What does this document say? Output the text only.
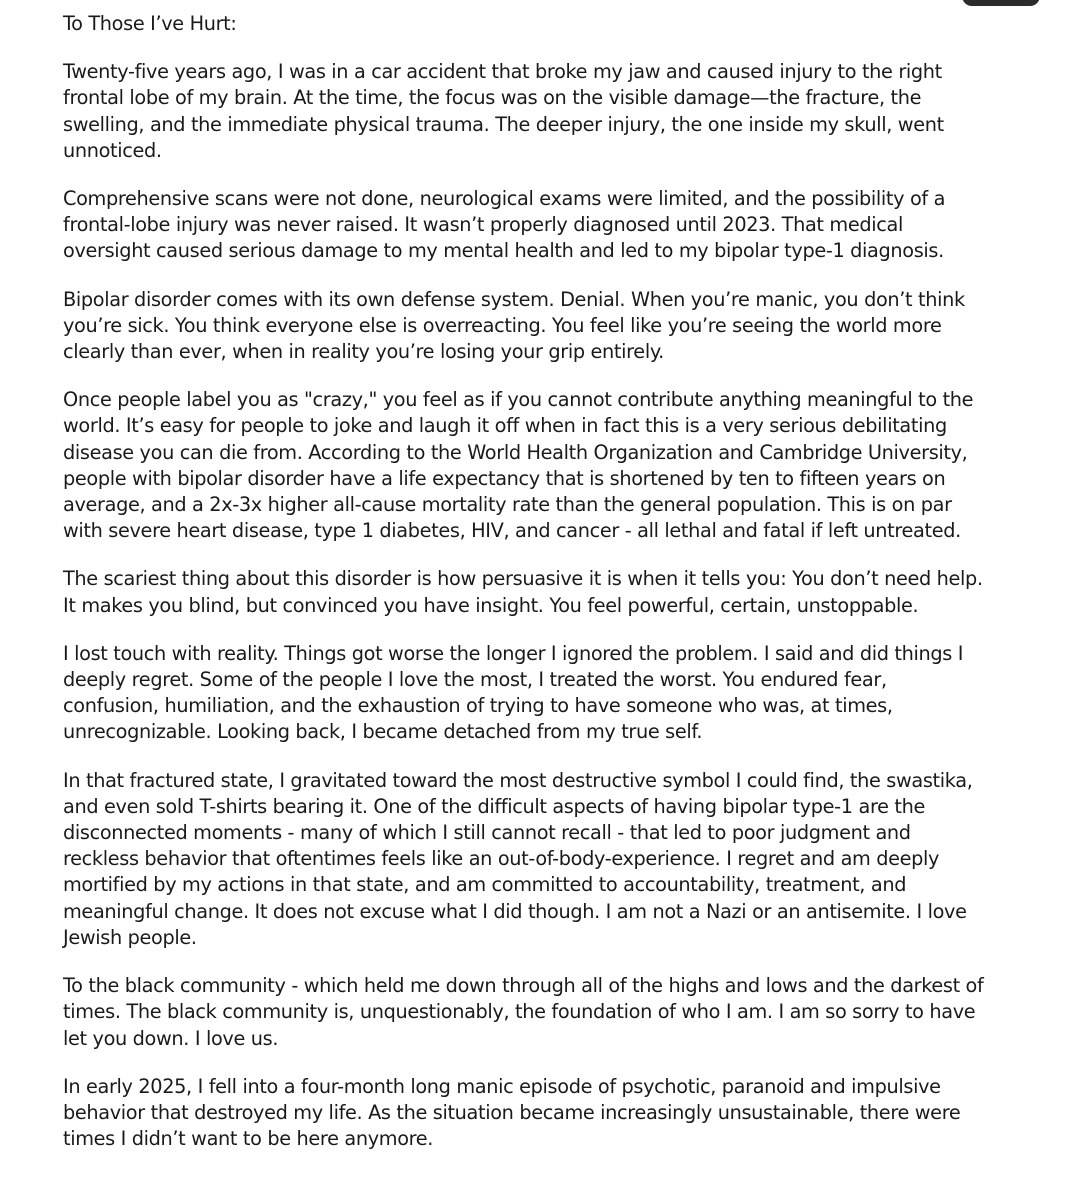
To Those I’ve Hurt:
Twenty-five years ago, I was in a car accident that broke my jaw and caused injury to the right
frontal lobe of my brain. At the time, the focus was on the visible damage—the fracture, the
swelling, and the immediate physical trauma. The deeper injury, the one inside my skull, went
unnoticed.
Comprehensive scans were not done, neurological exams were limited, and the possibility of a
frontal-lobe injury was never raised. It wasn’t properly diagnosed until 2023. That medical
oversight caused serious damage to my mental health and led to my bipolar type-1 diagnosis.
Bipolar disorder comes with its own defense system. Denial. When you’re manic, you don’t think
you’re sick. You think everyone else is overreacting. You feel like you’re seeing the world more
clearly than ever, when in reality you’re losing your grip entirely.
Once people label you as "crazy," you feel as if you cannot contribute anything meaningful to the
world. It’s easy for people to joke and laugh it off when in fact this is a very serious debilitating
disease you can die from. According to the World Health Organization and Cambridge University,
people with bipolar disorder have a life expectancy that is shortened by ten to fifteen years on
average, and a 2x-3x higher all-cause mortality rate than the general population. This is on par
with severe heart disease, type 1 diabetes, HIV, and cancer - all lethal and fatal if left untreated.
The scariest thing about this disorder is how persuasive it is when it tells you: You don’t need help.
It makes you blind, but convinced you have insight. You feel powerful, certain, unstoppable.
I lost touch with reality. Things got worse the longer I ignored the problem. I said and did things I
deeply regret. Some of the people I love the most, I treated the worst. You endured fear,
confusion, humiliation, and the exhaustion of trying to have someone who was, at times,
unrecognizable. Looking back, I became detached from my true self.
In that fractured state, I gravitated toward the most destructive symbol I could find, the swastika,
and even sold T-shirts bearing it. One of the difficult aspects of having bipolar type-1 are the
disconnected moments - many of which I still cannot recall - that led to poor judgment and
reckless behavior that oftentimes feels like an out-of-body-experience. I regret and am deeply
mortified by my actions in that state, and am committed to accountability, treatment, and
meaningful change. It does not excuse what I did though. I am not a Nazi or an antisemite. I love
Jewish people.
To the black community - which held me down through all of the highs and lows and the darkest of
times. The black community is, unquestionably, the foundation of who I am. I am so sorry to have
let you down. I love us.
In early 2025, I fell into a four-month long manic episode of psychotic, paranoid and impulsive
behavior that destroyed my life. As the situation became increasingly unsustainable, there were
times I didn’t want to be here anymore.
